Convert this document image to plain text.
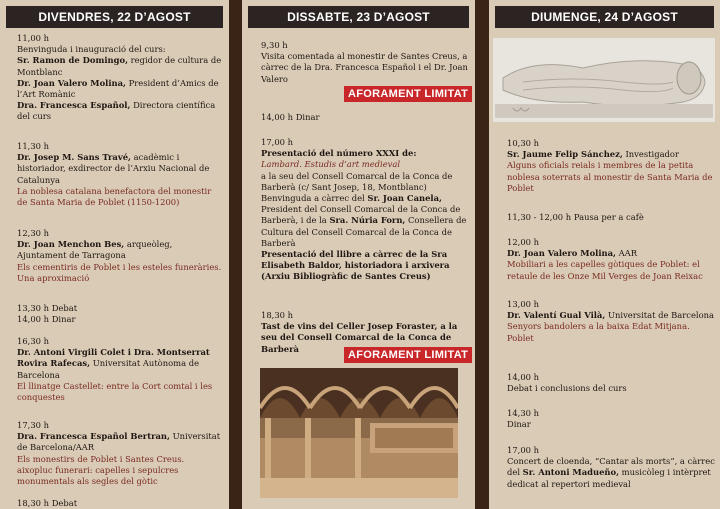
DIVENDRES, 22 D’AGOST
11,00 h
Benvinguda i inauguració del curs:
Sr. Ramon de Domingo, regidor de cultura de Montblanc
Dr. Joan Valero Molina, President d’Amics de l’Art Romànic
Dra. Francesca Español, Directora científica del curs
11,30 h
Dr. Josep M. Sans Travé, acadèmic i historiador, exdirector de l’Arxiu Nacional de Catalunya
La noblesa catalana benefactora del monestir de Santa Maria de Poblet (1150-1200)
12,30 h
Dr. Joan Menchon Bes, arqueòleg, Ajuntament de Tarragona
Els cementiris de Poblet i les esteles funeràries. Una aproximació
13,30 h Debat
14,00 h Dinar
16,30 h
Dr. Antoni Virgili Colet i Dra. Montserrat Rovira Rafecas, Universitat Autònoma de Barcelona
El llinatge Castellet: entre la Cort comtal i les conquestes
17,30 h
Dra. Francesca Español Bertran, Universitat de Barcelona/AAR
Els monestirs de Poblet i Santes Creus. aixopluc funerari: capelles i sepulcres monumentals als segles del gòtic
18,30 h Debat
DISSABTE, 23 D’AGOST
9,30 h
Visita comentada al monestir de Santes Creus, a càrrec de la Dra. Francesca Español i el Dr. Joan Valero
AFORAMENT LIMITAT
14,00 h Dinar
17,00 h
Presentació del número XXXI de:
Lambard. Estudis d’art medieval
a la seu del Consell Comarcal de la Conca de Barberà (c/ Sant Josep, 18, Montblanc)
Benvinguda a càrrec del Sr. Joan Canela, President del Consell Comarcal de la Conca de Barberà, i de la Sra. Núria Forn, Consellera de Cultura del Consell Comarcal de la Conca de Barberà
Presentació del llibre a càrrec de la Sra Elisabeth Baldor, historiadora i arxivera (Arxiu Bibliogràfic de Santes Creus)
18,30 h
Tast de vins del Celler Josep Foraster, a la seu del Consell Comarcal de la Conca de Barberà
AFORAMENT LIMITAT
DIUMENGE, 24 D’AGOST
10,30 h
Sr. Jaume Felip Sánchez, Investigador
Alguns oficials reials i membres de la petita noblesa soterrats al monestir de Santa Maria de Poblet
11,30 - 12,00 h Pausa per a cafè
12,00 h
Dr. Joan Valero Molina, AAR
Mobiliari a les capelles gòtiques de Poblet: el retaule de les Onze Mil Verges de Joan Reixac
13,00 h
Dr. Valentí Gual Vilà, Universitat de Barcelona
Senyors bandolers a la baixa Edat Mitjana. Poblet
14,00 h
Debat i conclusions del curs
14,30 h
Dinar
17,00 h
Concert de cloenda, “Cantar als morts”, a càrrec del Sr. Antoni Madueño, musicòleg i intèrpret dedicat al repertori medieval
